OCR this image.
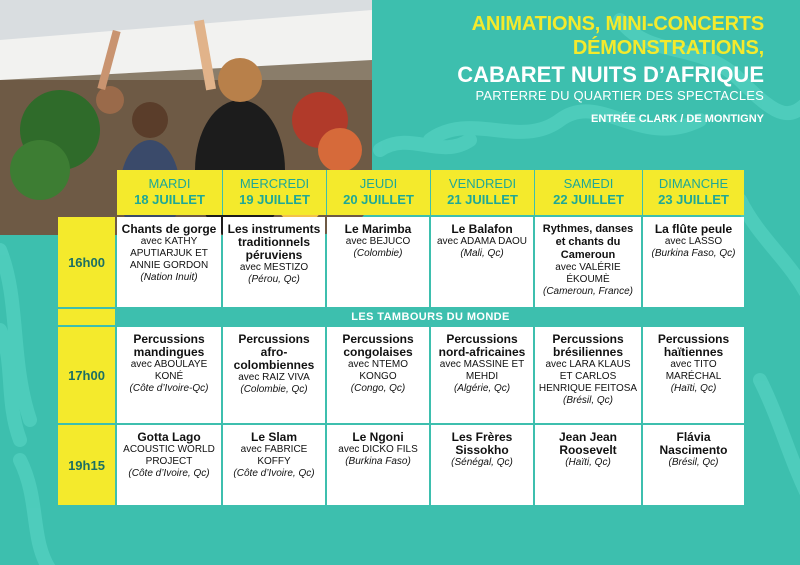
ANIMATIONS, MINI-CONCERTS
DÉMONSTRATIONS,
CABARET NUITS D’AFRIQUE
PARTERRE DU QUARTIER DES SPECTACLES
ENTRÉE CLARK / DE MONTIGNY
MARDI
18 JUILLET
MERCREDI
19 JUILLET
JEUDI
20 JUILLET
VENDREDI
21 JUILLET
SAMEDI
22 JUILLET
DIMANCHE
23 JUILLET
16h00
Chants de gorge
avec KATHY APUTIARJUK ET ANNIE GORDON
(Nation Inuit)
Les instruments traditionnels péruviens
avec MESTIZO
(Pérou, Qc)
Le Marimba
avec BEJUCO
(Colombie)
Le Balafon
avec ADAMA DAOU
(Mali, Qc)
Rythmes, danses et chants du Cameroun
avec VALÉRIE ÉKOUMÈ
(Cameroun, France)
La flûte peule
avec LASSO
(Burkina Faso, Qc)
LES TAMBOURS DU MONDE
17h00
Percussions mandingues
avec ABOULAYE KONÉ
(Côte d’Ivoire-Qc)
Percussions afro-colombiennes
avec RAIZ VIVA
(Colombie, Qc)
Percussions congolaises
avec NTEMO KONGO
(Congo, Qc)
Percussions nord-africaines
avec MASSINE ET MEHDI
(Algérie, Qc)
Percussions brésiliennes
avec LARA KLAUS ET CARLOS HENRIQUE FEITOSA
(Brésil, Qc)
Percussions haïtiennes
avec TITO MARÉCHAL
(Haïti, Qc)
19h15
Gotta Lago
ACOUSTIC WORLD PROJECT
(Côte d’Ivoire, Qc)
Le Slam
avec FABRICE KOFFY
(Côte d’Ivoire, Qc)
Le Ngoni
avec DICKO FILS
(Burkina Faso)
Les Frères Sissokho
(Sénégal, Qc)
Jean Jean Roosevelt
(Haïti, Qc)
Flávia Nascimento
(Brésil, Qc)
